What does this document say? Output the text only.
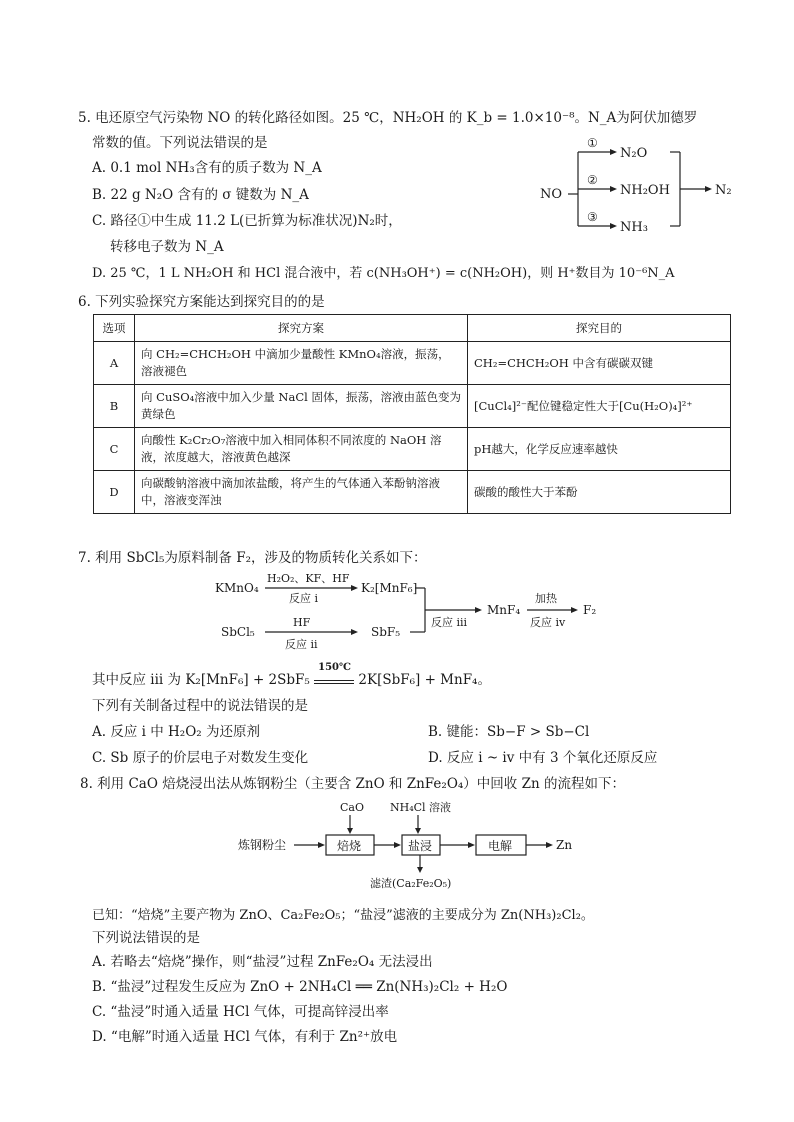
5. 电还原空气污染物 NO 的转化路径如图。25 ℃，NH₂OH 的 K_b = 1.0×10⁻⁸。N_A为阿伏加德罗
常数的值。下列说法错误的是
A. 0.1 mol NH₃含有的质子数为 N_A
B. 22 g N₂O 含有的 σ 键数为 N_A
C. 路径①中生成 11.2 L(已折算为标准状况)N₂时，
转移电子数为 N_A
D. 25 ℃，1 L NH₂OH 和 HCl 混合液中，若 c(NH₃OH⁺) = c(NH₂OH)，则 H⁺数目为 10⁻⁶N_A
NO
①
N₂O
②
NH₂OH
③
NH₃
N₂
6. 下列实验探究方案能达到探究目的的是
选项	探究方案	探究目的
A	向 CH₂=CHCH₂OH 中滴加少量酸性 KMnO₄溶液，振荡，溶液褪色	CH₂=CHCH₂OH 中含有碳碳双键
B	向 CuSO₄溶液中加入少量 NaCl 固体，振荡，溶液由蓝色变为黄绿色	[CuCl₄]²⁻配位键稳定性大于[Cu(H₂O)₄]²⁺
C	向酸性 K₂Cr₂O₇溶液中加入相同体积不同浓度的 NaOH 溶液，浓度越大，溶液黄色越深	pH越大，化学反应速率越快
D	向碳酸钠溶液中滴加浓盐酸，将产生的气体通入苯酚钠溶液中，溶液变浑浊	碳酸的酸性大于苯酚
7. 利用 SbCl₅为原料制备 F₂，涉及的物质转化关系如下：
KMnO₄
H₂O₂、KF、HF
反应 i
K₂[MnF₆]
SbCl₅
HF
反应 ii
SbF₅
反应 iii
MnF₄
加热
反应 iv
F₂
其中反应 iii 为 K₂[MnF₆] + 2SbF₅
150℃
2K[SbF₆] + MnF₄。
下列有关制备过程中的说法错误的是
A. 反应 i 中 H₂O₂ 为还原剂	B. 键能：Sb−F > Sb−Cl
C. Sb 原子的价层电子对数发生变化	D. 反应 i ~ iv 中有 3 个氧化还原反应
8. 利用 CaO 焙烧浸出法从炼钢粉尘（主要含 ZnO 和 ZnFe₂O₄）中回收 Zn 的流程如下：
CaO NH₄Cl 溶液
炼钢粉尘	焙烧	盐浸	电解	Zn
滤渣(Ca₂Fe₂O₅)
已知：“焙烧”主要产物为 ZnO、Ca₂Fe₂O₅；“盐浸”滤液的主要成分为 Zn(NH₃)₂Cl₂。
下列说法错误的是
A. 若略去“焙烧”操作，则“盐浸”过程 ZnFe₂O₄ 无法浸出
B. “盐浸”过程发生反应为 ZnO + 2NH₄Cl ══ Zn(NH₃)₂Cl₂ + H₂O
C. “盐浸”时通入适量 HCl 气体，可提高锌浸出率
D. “电解”时通入适量 HCl 气体，有利于 Zn²⁺放电
